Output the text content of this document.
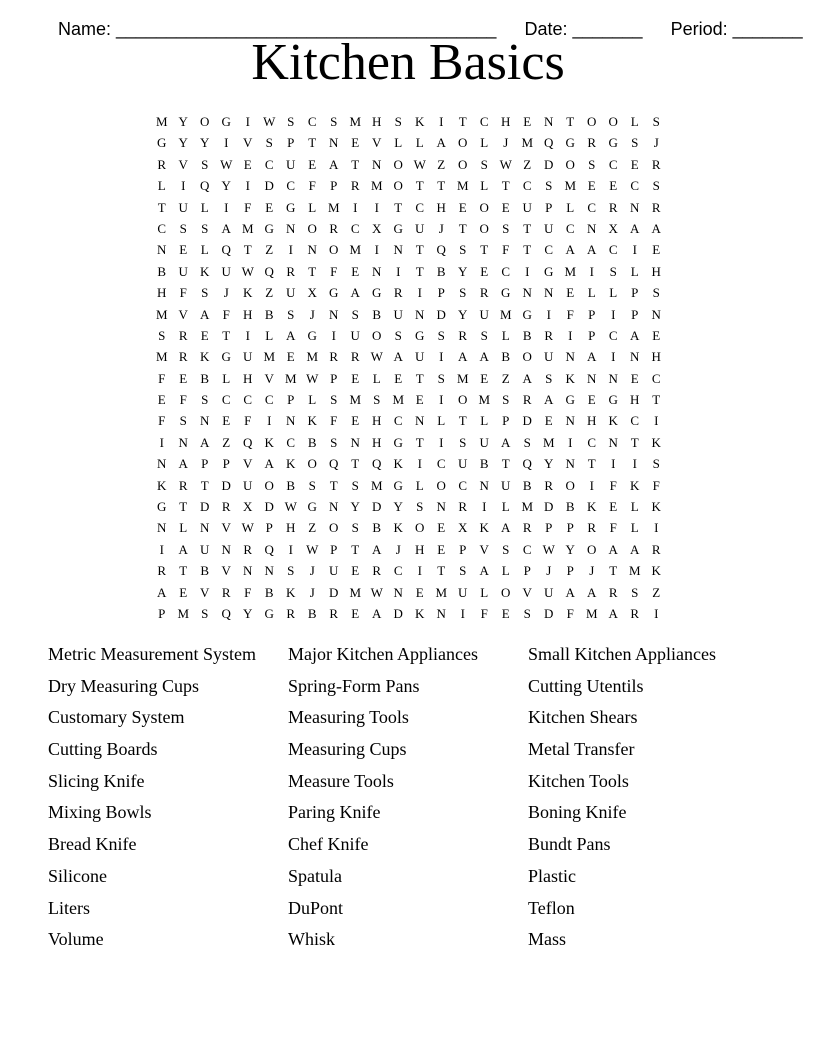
Name: ______________________________________ Date: _______ Period: _______

Kitchen Basics
M Y O G	I	W S	C	S M H	S	K	I	T	C H E N T O O L	S
G Y Y	I	V	S	P	T N E V L	L A O L	J	M Q G R G	S	J
R V	S W E	C U E A T N O W Z O	S W Z D O	S	C	E	R
L	I	Q Y	I	D C	F	P	R M O T	T M L	T	C	S M E	E	C	S
T U L	I	F	E G L M	I	I	T	C H E O E U	P	L	C R N R
C	S	S	A M G N O R C X G U	J	T O	S	T U C N X A A
N E	L Q T	Z	I	N O M	I	N T Q	S	T	F	T	C A A C	I	E
B U K U W Q R	T	F	E N	I	T	B Y E	C	I	G M	I	S	L H
H	F	S	J	K Z U X G A G R	I	P	S	R G N N E	L	L	P	S
M V A	F	H B	S	J	N	S	B U N D Y U M G	I	F	P	I	P	N
S	R	E	T	I	L A G	I	U O	S	G	S	R	S	L	B R	I	P	C A E
M R K G U M E M R R W A U	I	A A B O U N A	I	N H
F	E	B	L H V M W P	E	L	E	T	S M E	Z A	S	K N N E	C
E	F	S	C C C	P	L	S M S M E	I	O M S	R A G E G H T
F	S	N E	F	I	N K	F	E H C N L	T	L	P	D E N H K C	I
I	N A Z Q K C B	S	N H G T	I	S	U A	S M	I	C N T K
N A	P	P	V A K O Q T Q K	I	C U B	T Q Y N T	I	I	S
K R	T D U O B	S	T	S M G L O C N U B R O	I	F	K	F
G T D R X D W G N Y D Y	S	N R	I	L M D B K E	L K
N L N V W P	H Z O	S	B K O E X K A R	P	P	R	F	L	I
I	A U N R Q	I	W P	T A	J	H E	P	V	S	C W Y O A A R
R	T	B V N N	S	J	U E	R C	I	T	S	A L	P	J	P	J	T M K
A E V R	F	B K	J	D M W N E M U L O V U A A R	S	Z
P M S	Q Y G R B R	E A D K N	I	F	E	S	D	F M A R	I
Metric Measurement System	Major Kitchen Appliances	Small Kitchen Appliances
Dry Measuring Cups	Spring-Form Pans	Cutting Utentils
Customary System	Measuring Tools	Kitchen Shears
Cutting Boards	Measuring Cups	Metal Transfer
Slicing Knife	Measure Tools	Kitchen Tools
Mixing Bowls	Paring Knife	Boning Knife
Bread Knife	Chef Knife	Bundt Pans
Silicone	Spatula	Plastic
Liters	DuPont	Teflon
Volume	Whisk	Mass
